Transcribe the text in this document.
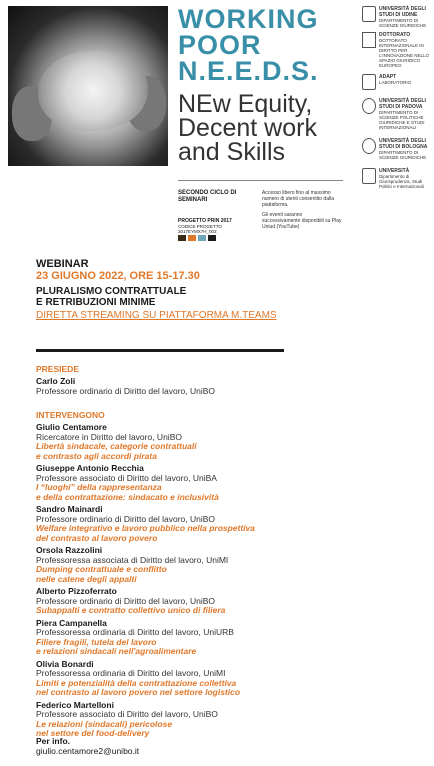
WORKING
POOR
N.E.E.D.S.
NEw Equity,
Decent work
and Skills
SECONDO CICLO DI SEMINARI
PROGETTO PRIN 2017
CODICE PROGETTO 2017EYMX7H_003
Accesso libero fino al massimo numero di utenti consentito dalla piattaforma.
Gli eventi saranno successivamente disponibili su Play Uniud (YouTube)
UNIVERSITÀ DEGLI STUDI DI UDINE
DIPARTIMENTO DI SCIENZE GIURIDICHE
DOTTORATO
DOTTORATO INTERNAZIONALE IN DIRITTO PER L'INNOVAZIONE NELLO SPAZIO GIURIDICO EUROPEO
ADAPT
LABORATORIO
UNIVERSITÀ DEGLI STUDI DI PADOVA
DIPARTIMENTO DI SCIENZE POLITICHE GIURIDICHE E STUDI INTERNAZIONALI
UNIVERSITÀ DEGLI STUDI DI BOLOGNA
DIPARTIMENTO DI SCIENZE GIURIDICHE
UNIVERSITÀ
Dipartimento di Giurisprudenza, Studi Politici e Internazionali
WEBINAR
23 GIUGNO 2022, ORE 15-17.30
PLURALISMO CONTRATTUALE
E RETRIBUZIONI MINIME
DIRETTA STREAMING SU PIATTAFORMA M.TEAMS
PRESIEDE
Carlo Zoli
Professore ordinario di Diritto del lavoro, UniBO
INTERVENGONO
Giulio Centamore
Ricercatore in Diritto del lavoro, UniBO
Libertà sindacale, categorie contrattuali
e contrasto agli accordi pirata
Giuseppe Antonio Recchia
Professore associato di Diritto del lavoro, UniBA
I “luoghi” della rappresentanza
e della contrattazione: sindacato e inclusività
Sandro Mainardi
Professore ordinario di Diritto del lavoro, UniBO
Welfare integrativo e lavoro pubblico nella prospettiva
del contrasto al lavoro povero
Orsola Razzolini
Professoressa associata di Diritto del lavoro, UniMI
Dumping contrattuale e conflitto
nelle catene degli appalti
Alberto Pizzoferrato
Professore ordinario di Diritto del lavoro, UniBO
Subappalti e contratto collettivo unico di filiera
Piera Campanella
Professoressa ordinaria di Diritto del lavoro, UniURB
Filiere fragili, tutela del lavoro
e relazioni sindacali nell'agroalimentare
Olivia Bonardi
Professoressa ordinaria di Diritto del lavoro, UniMI
Limiti e potenzialità della contrattazione collettiva
nel contrasto al lavoro povero nel settore logistico
Federico Martelloni
Professore associato di Diritto del lavoro, UniBO
Le relazioni (sindacali) pericolose
nel settore del food-delivery
Per info.
giulio.centamore2@unibo.it
